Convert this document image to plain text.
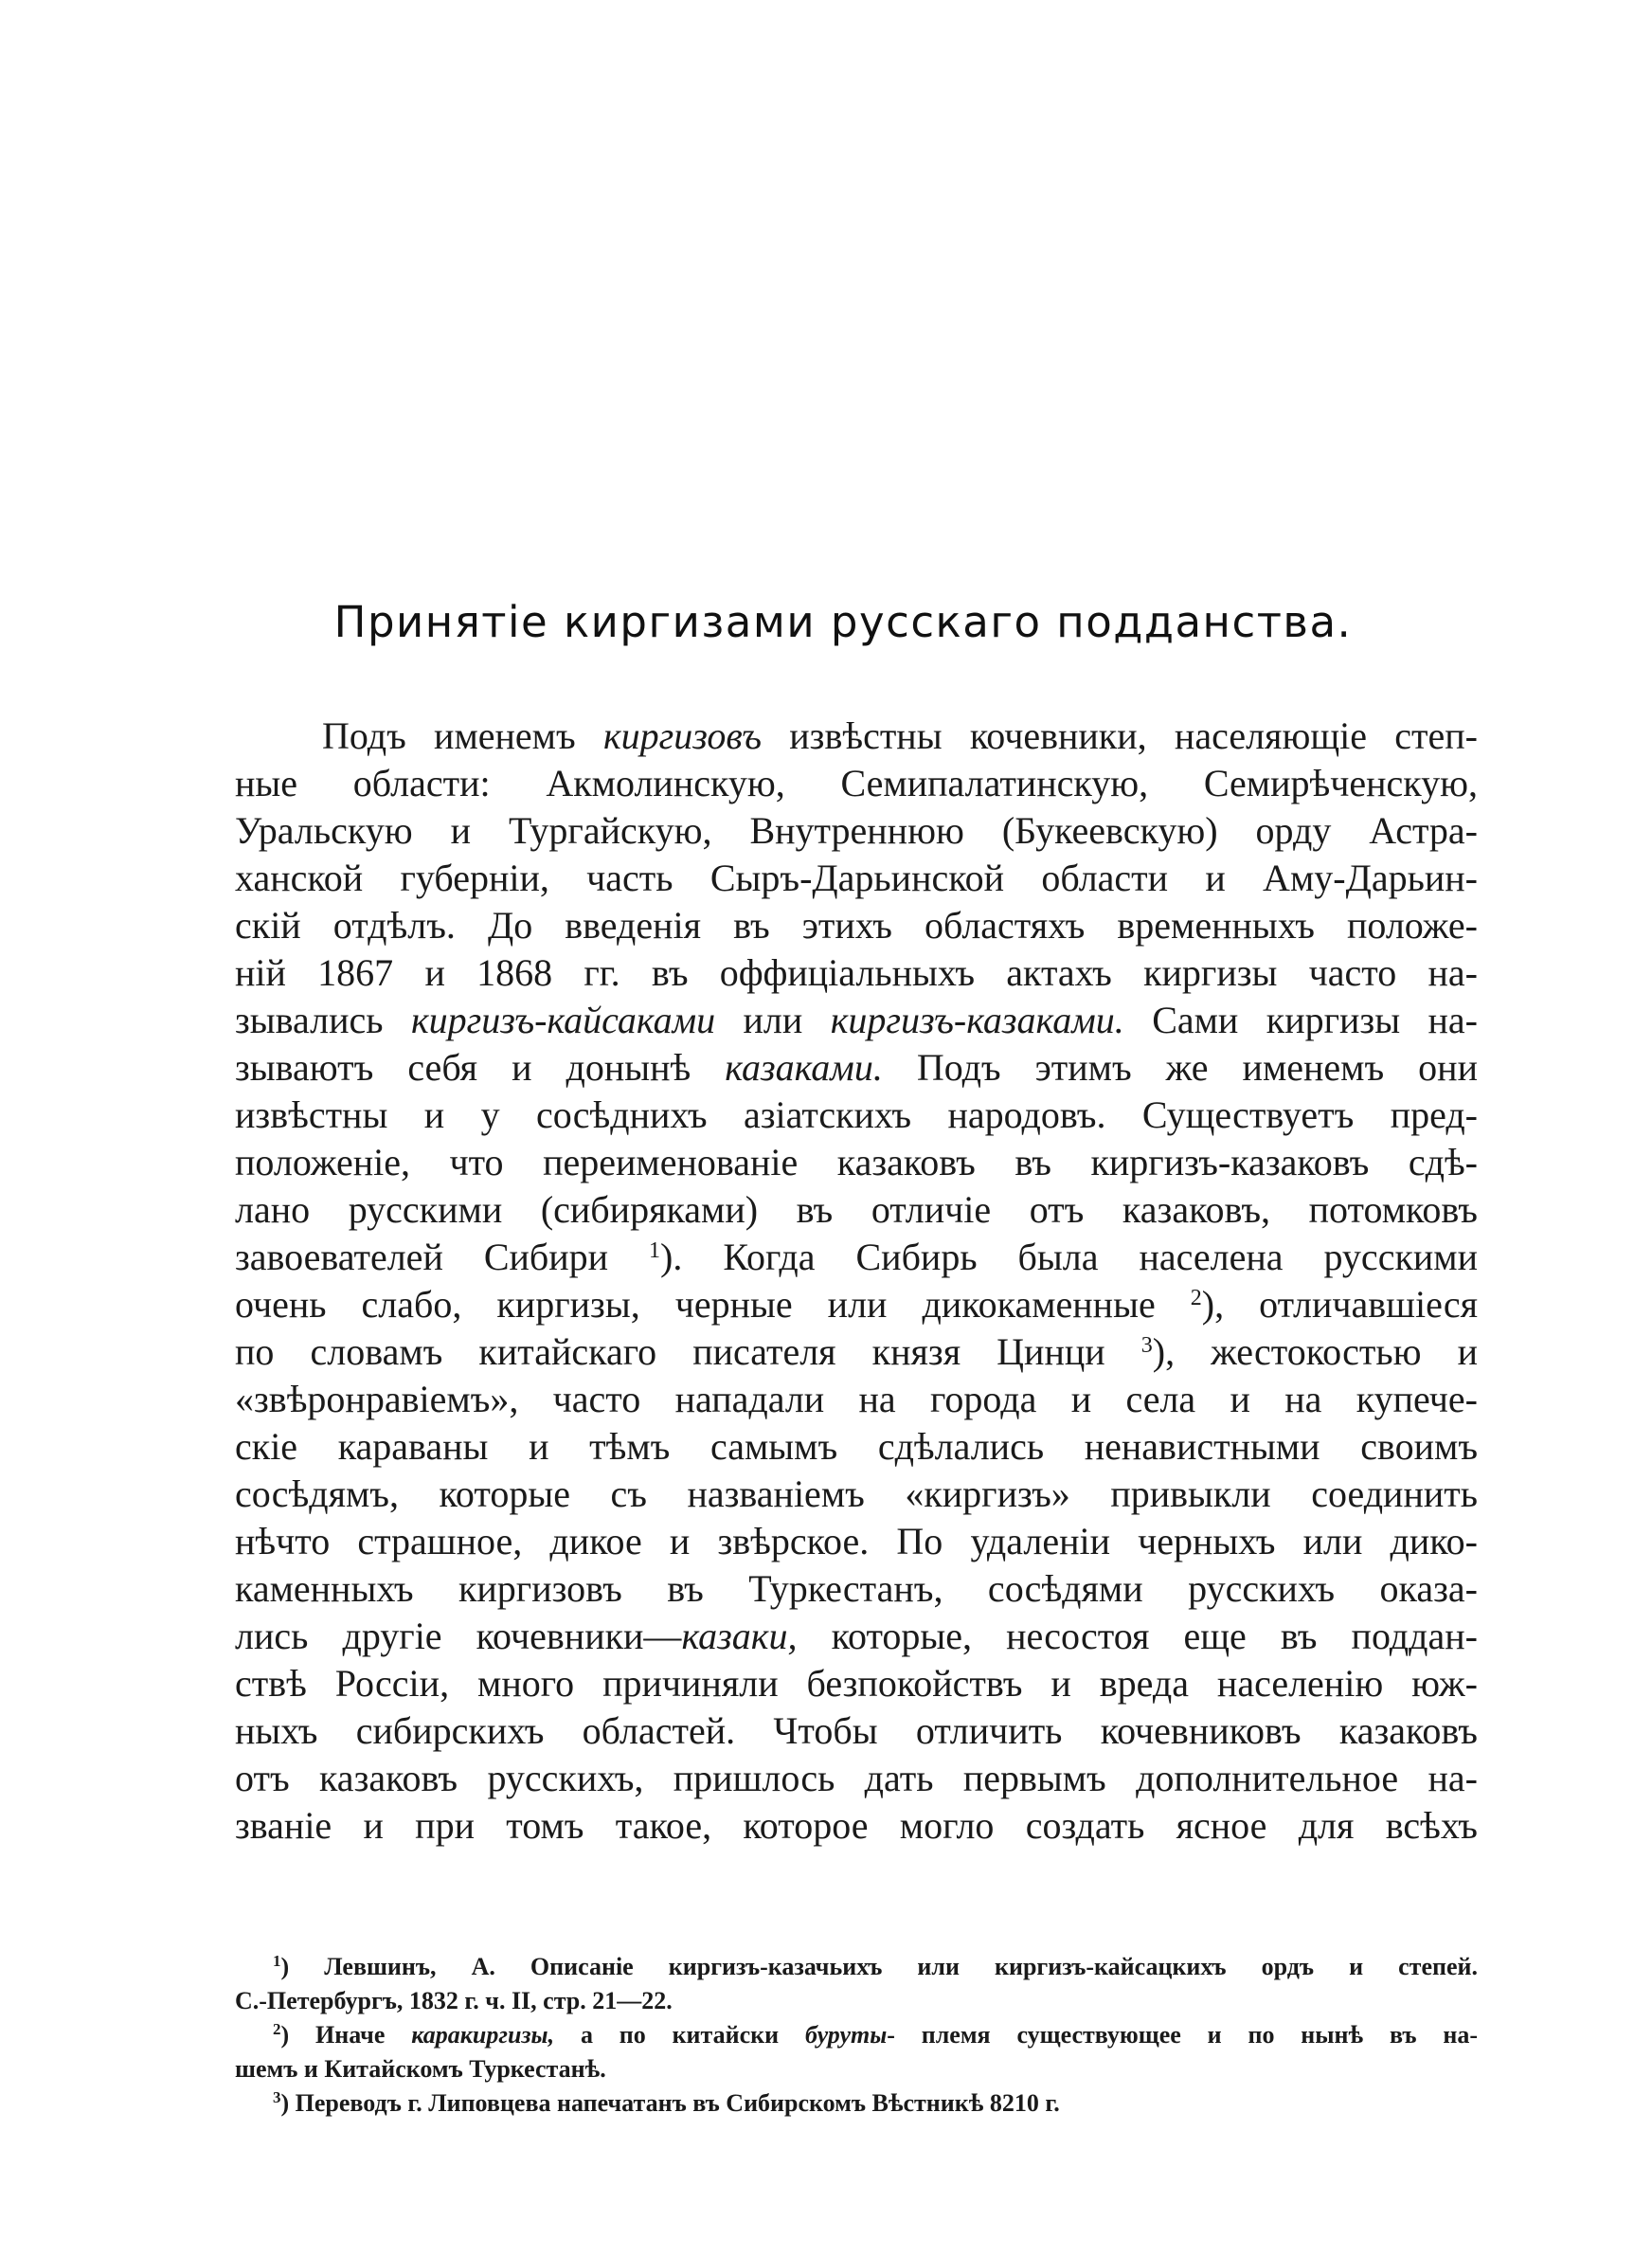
Принятіе киргизами русскаго подданства.
Подъ именемъ киргизовъ извѣстны кочевники, населяющіе степ-
ныe области: Акмолинскую, Семипалатинскую, Семирѣченскую,
Уральскую и Тургайскую, Внутреннюю (Букеевскую) орду Астра-
ханской губерніи, часть Сыръ-Дарьинской области и Аму-Дарьин-
скій отдѣлъ. До введенія въ этихъ областяхъ временныхъ положе-
ній 1867 и 1868 гг. въ оффиціальныхъ актахъ киргизы часто на-
зывались киргизъ-кайсаками или киргизъ-казаками. Сами киргизы на-
зываютъ себя и донынѣ казаками. Подъ этимъ же именемъ они
извѣстны и у сосѣднихъ азіатскихъ народовъ. Существуетъ пред-
положеніе, что переименованіе казаковъ въ киргизъ-казаковъ сдѣ-
лано русскими (сибиряками) въ отличіе отъ казаковъ, потомковъ
завоевателей Сибири $^1$). Когда Сибирь была населена русскими
очень слабо, киргизы, черные или дикокаменные $^2$), отличавшіеся
по словамъ китайскаго писателя князя Цинци $^3$), жестокостью и
«звѣронравіемъ», часто нападали на города и села и на купече-
скіе караваны и тѣмъ самымъ сдѣлались ненавистными своимъ
сосѣдямъ, которые съ названіемъ «киргизъ» привыкли соединить
нѣчто страшное, дикое и звѣрское. По удаленіи черныхъ или дико-
каменныхъ киргизовъ въ Туркестанъ, сосѣдями русскихъ оказа-
лись другіе кочевники—казаки, которые, несостоя еще въ поддан-
ствѣ Россіи, много причиняли безпокойствъ и вреда населенію юж-
ныхъ сибирскихъ областей. Чтобы отличить кочевниковъ казаковъ
отъ казаковъ русскихъ, пришлось дать первымъ дополнительное на-
званіе и при томъ такое, которое могло создать ясное для всѣхъ
$^1$) Левшинъ, А. Описаніе киргизъ-казачьихъ или киргизъ-кайсацкихъ ордъ и степей.
С.-Петербургъ, 1832 г. ч. II, стр. 21—22.
$^2$) Иначе каракиргизы, а по китайски буруты- племя существующее и по нынѣ въ на-
шемъ и Китайскомъ Туркестанѣ.
$^3$) Переводъ г. Липовцева напечатанъ въ Сибирскомъ Вѣстникѣ 8210 г.
